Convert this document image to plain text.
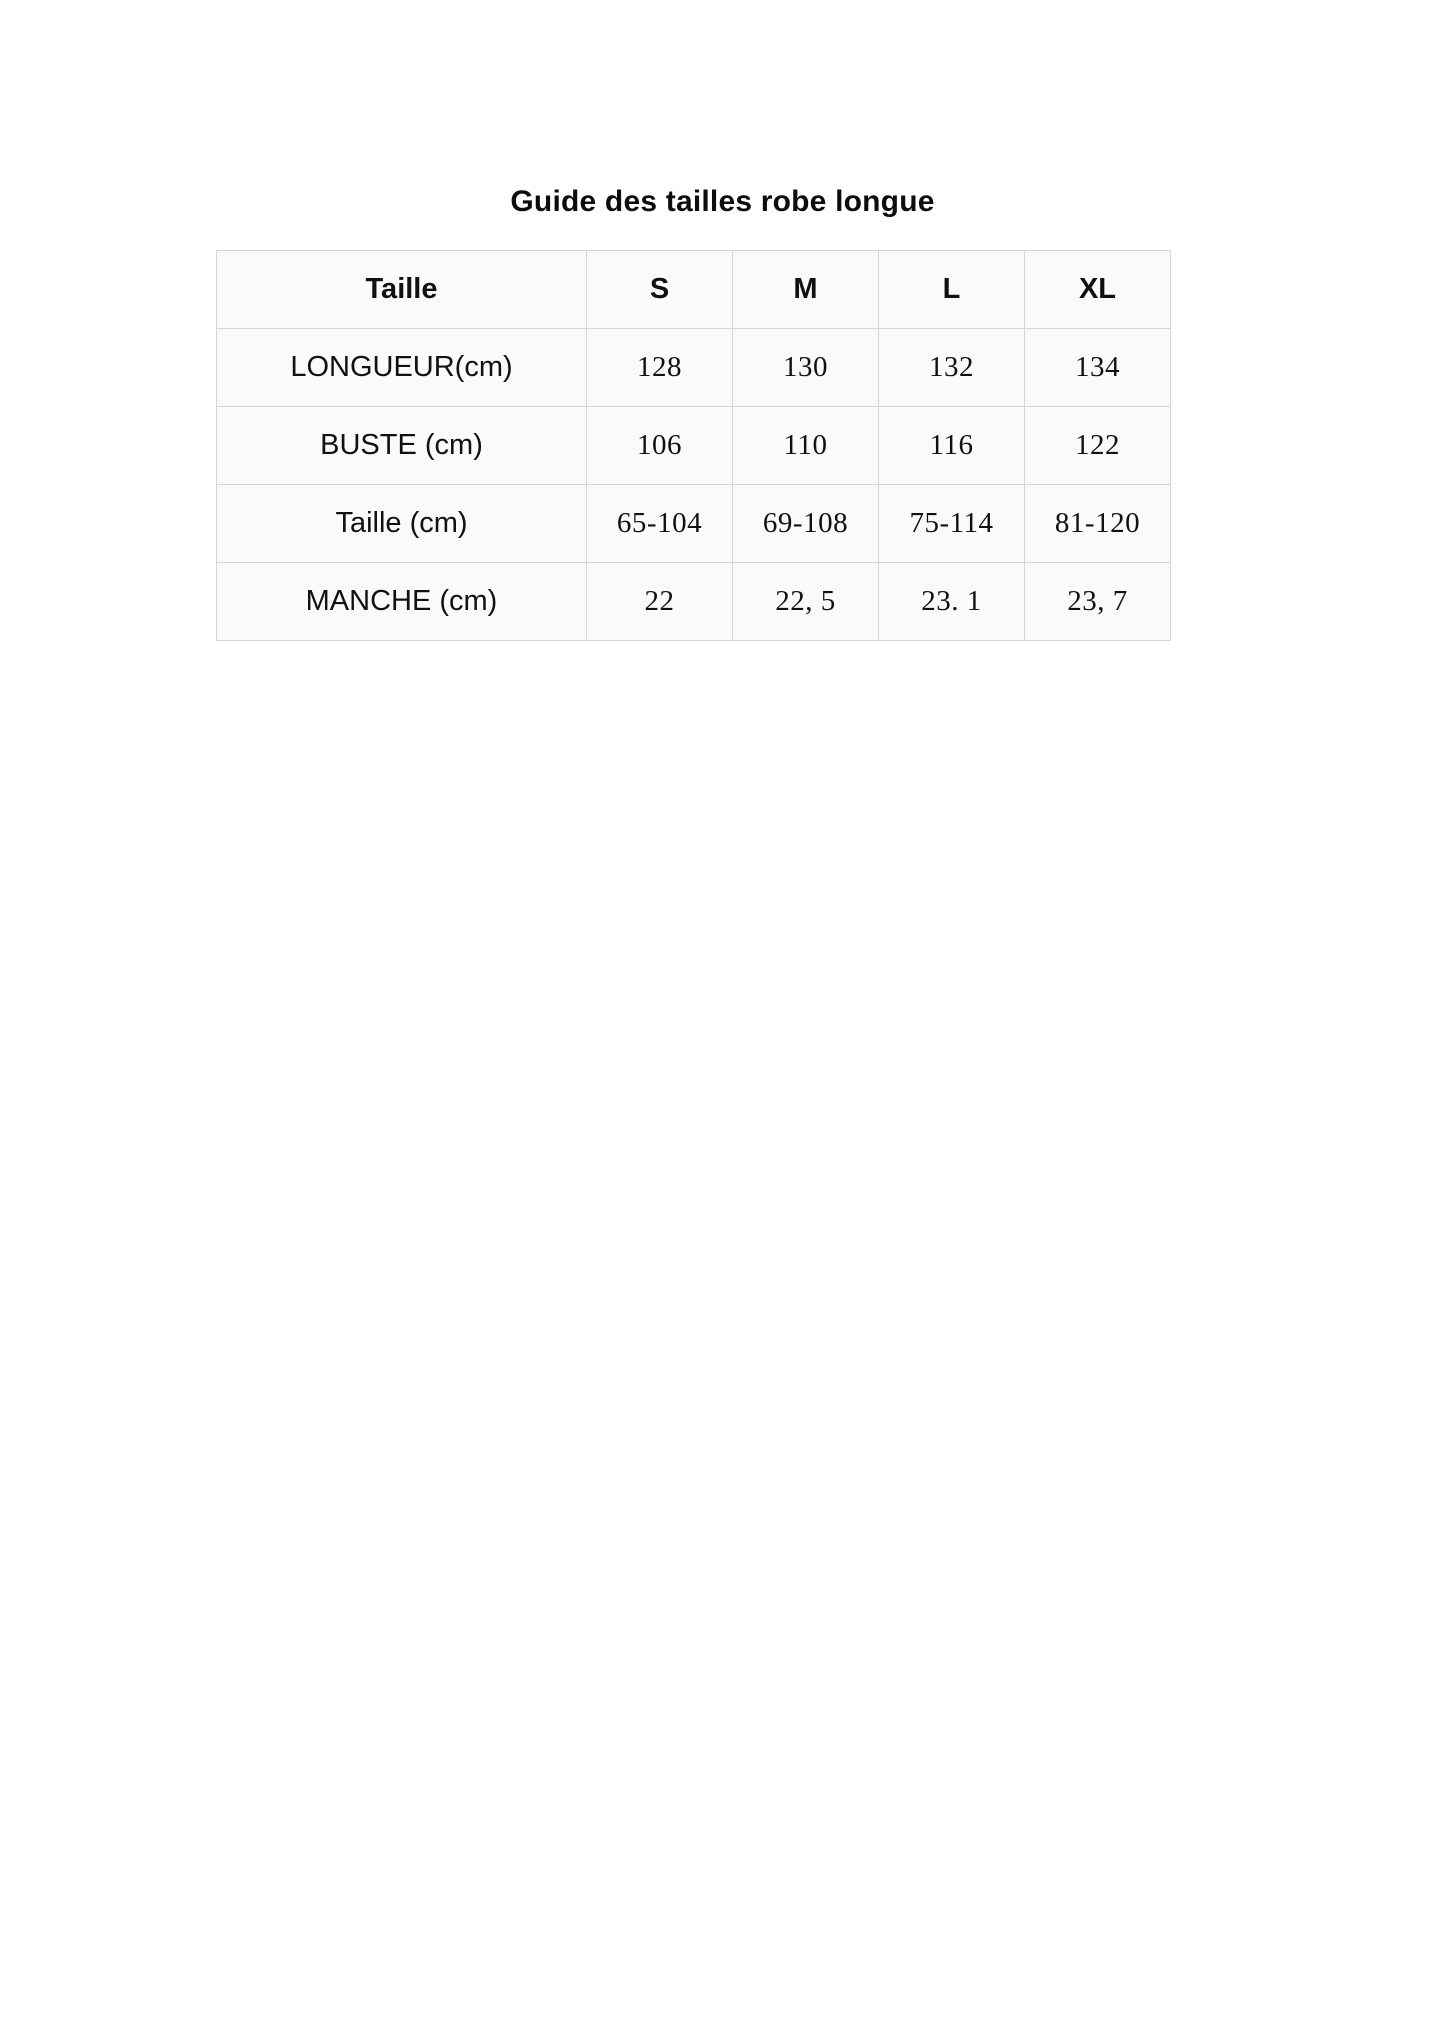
Guide des tailles robe longue
Taille	S	M	L	XL
LONGUEUR(cm)	128	130	132	134
BUSTE (cm)	106	110	116	122
Taille (cm)	65-104	69-108	75-114	81-120
MANCHE (cm)	22	22, 5	23. 1	23, 7
